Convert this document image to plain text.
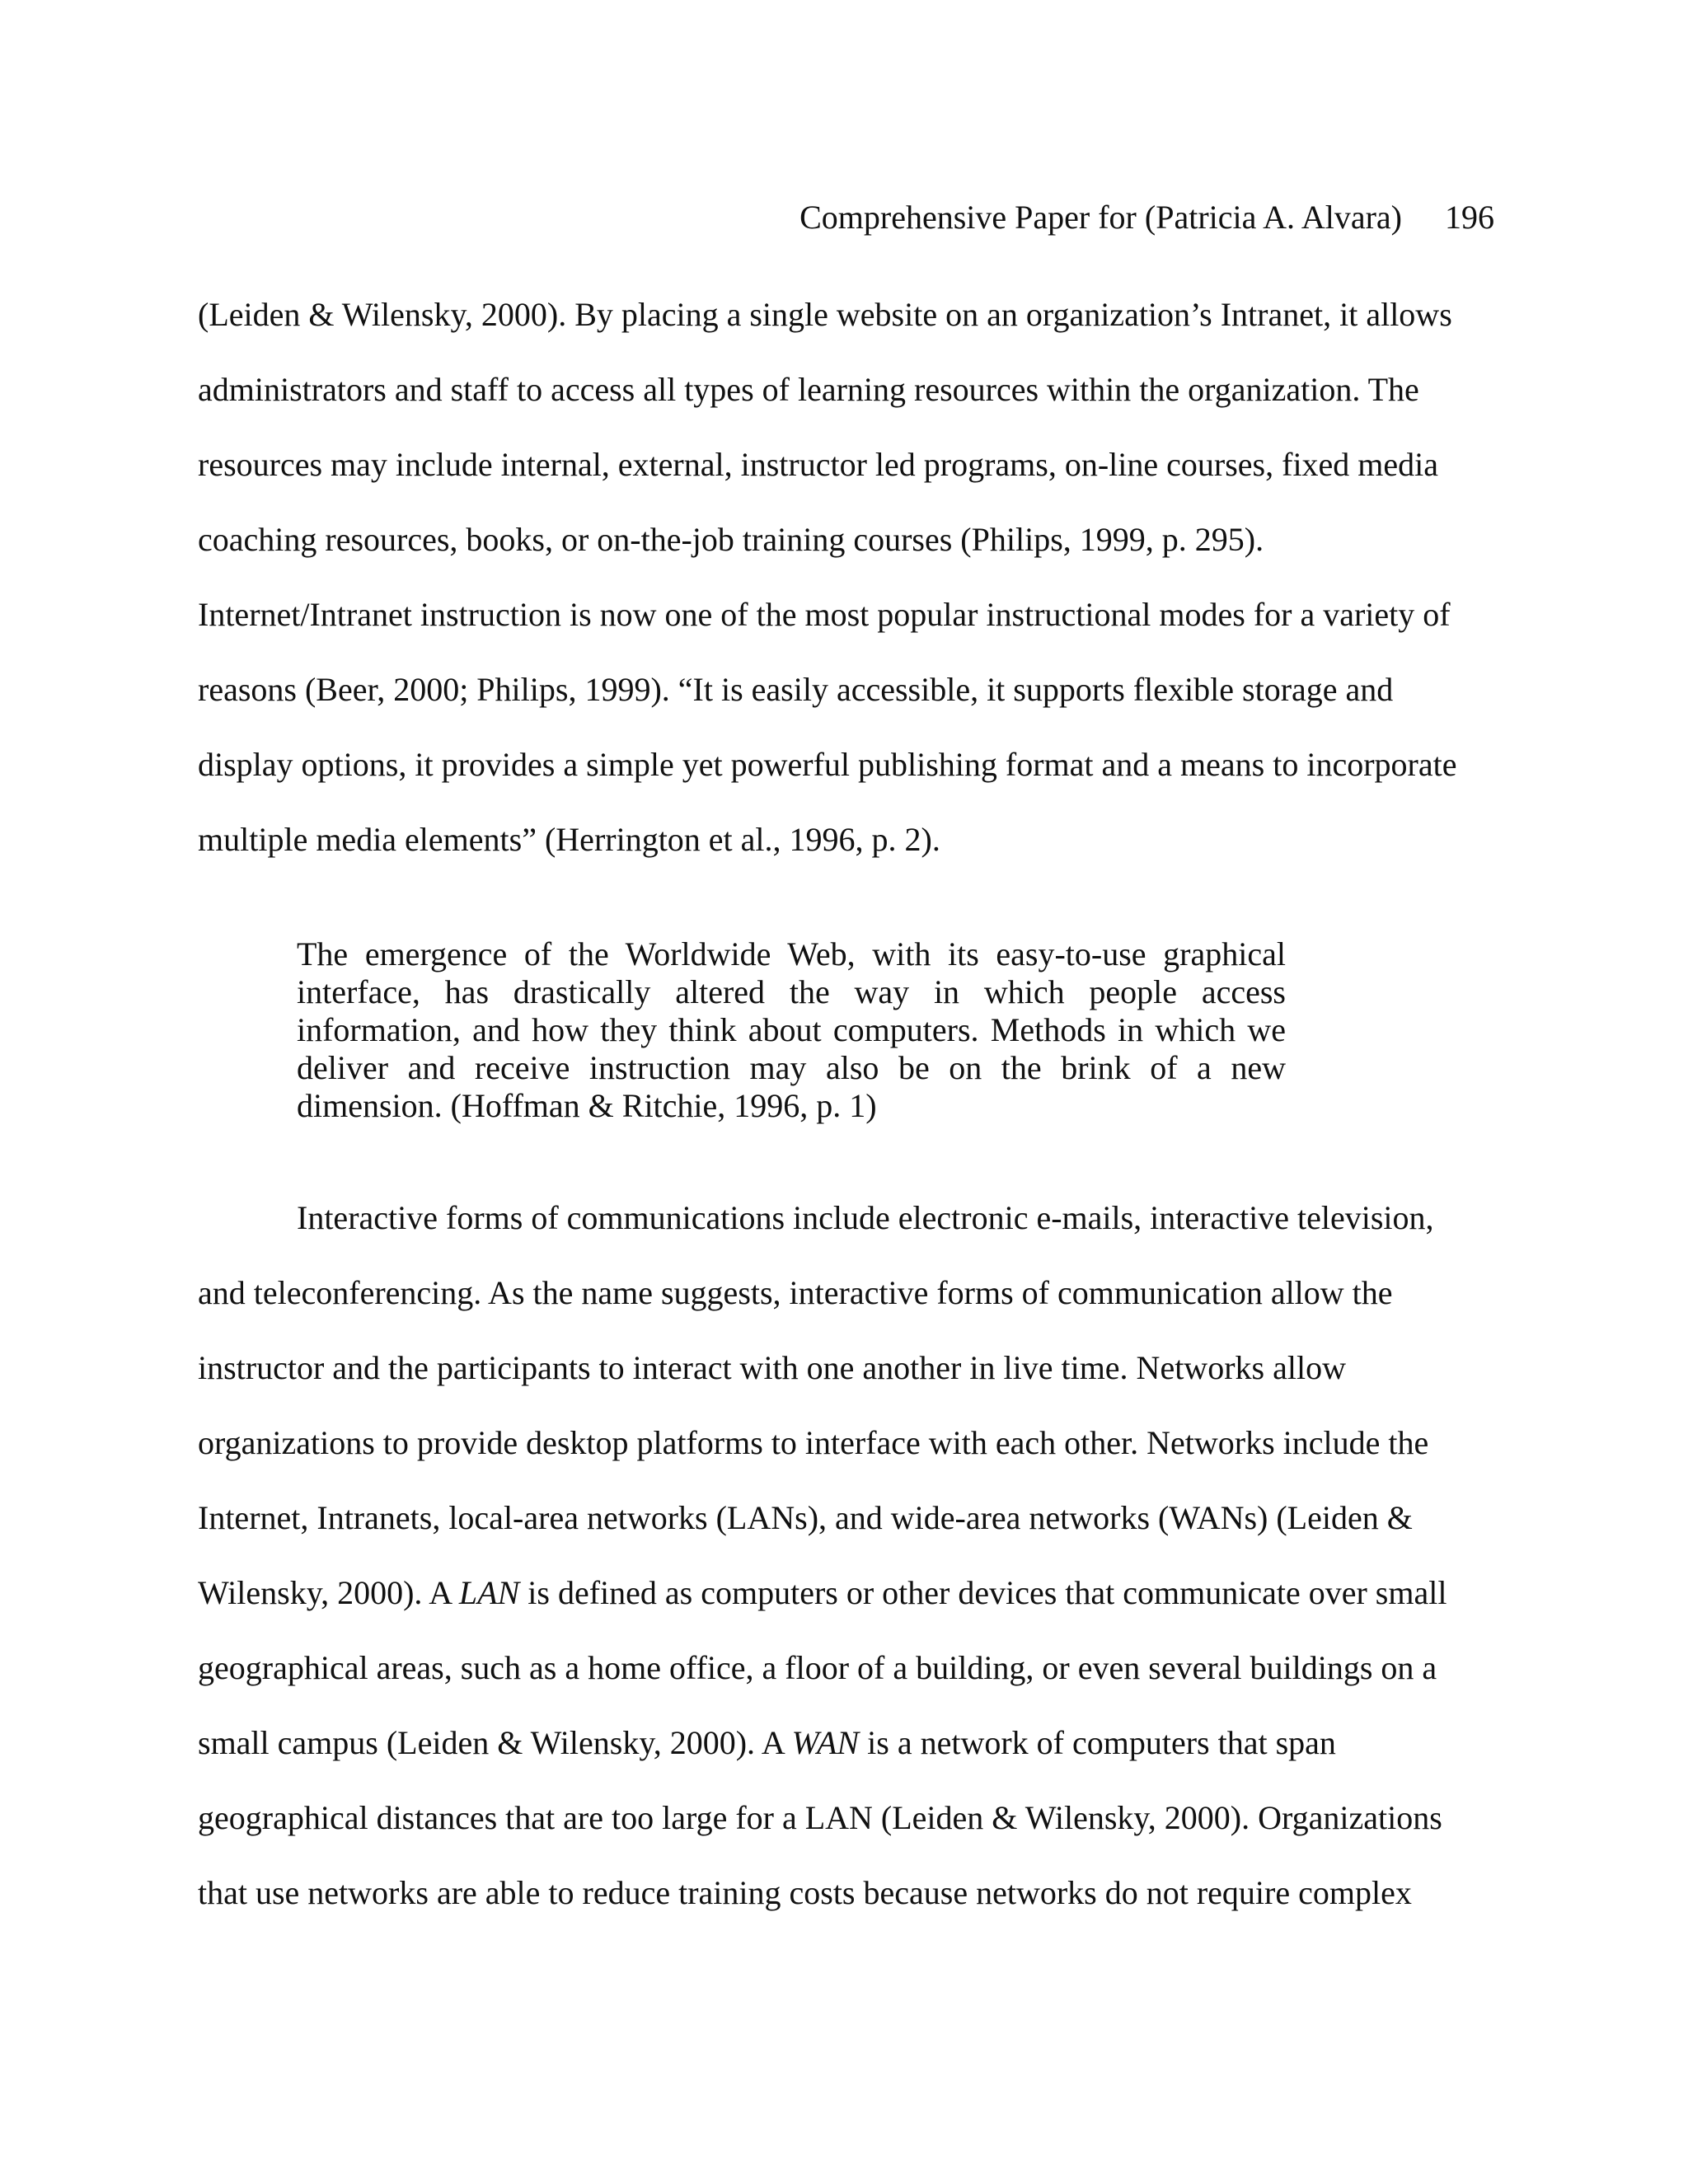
Comprehensive Paper for (Patricia A. Alvara) 196
(Leiden & Wilensky, 2000). By placing a single website on an organization’s Intranet, it allows
administrators and staff to access all types of learning resources within the organization. The
resources may include internal, external, instructor led programs, on-line courses, fixed media
coaching resources, books, or on-the-job training courses (Philips, 1999, p. 295).
Internet/Intranet instruction is now one of the most popular instructional modes for a variety of
reasons (Beer, 2000; Philips, 1999). “It is easily accessible, it supports flexible storage and
display options, it provides a simple yet powerful publishing format and a means to incorporate
multiple media elements” (Herrington et al., 1996, p. 2).
The emergence of the Worldwide Web, with its easy-to-use graphical
interface, has drastically altered the way in which people access
information, and how they think about computers. Methods in which we
deliver and receive instruction may also be on the brink of a new
dimension. (Hoffman & Ritchie, 1996, p. 1)
Interactive forms of communications include electronic e-mails, interactive television,
and teleconferencing. As the name suggests, interactive forms of communication allow the
instructor and the participants to interact with one another in live time. Networks allow
organizations to provide desktop platforms to interface with each other. Networks include the
Internet, Intranets, local-area networks (LANs), and wide-area networks (WANs) (Leiden &
Wilensky, 2000). A LAN is defined as computers or other devices that communicate over small
geographical areas, such as a home office, a floor of a building, or even several buildings on a
small campus (Leiden & Wilensky, 2000). A WAN is a network of computers that span
geographical distances that are too large for a LAN (Leiden & Wilensky, 2000). Organizations
that use networks are able to reduce training costs because networks do not require complex
